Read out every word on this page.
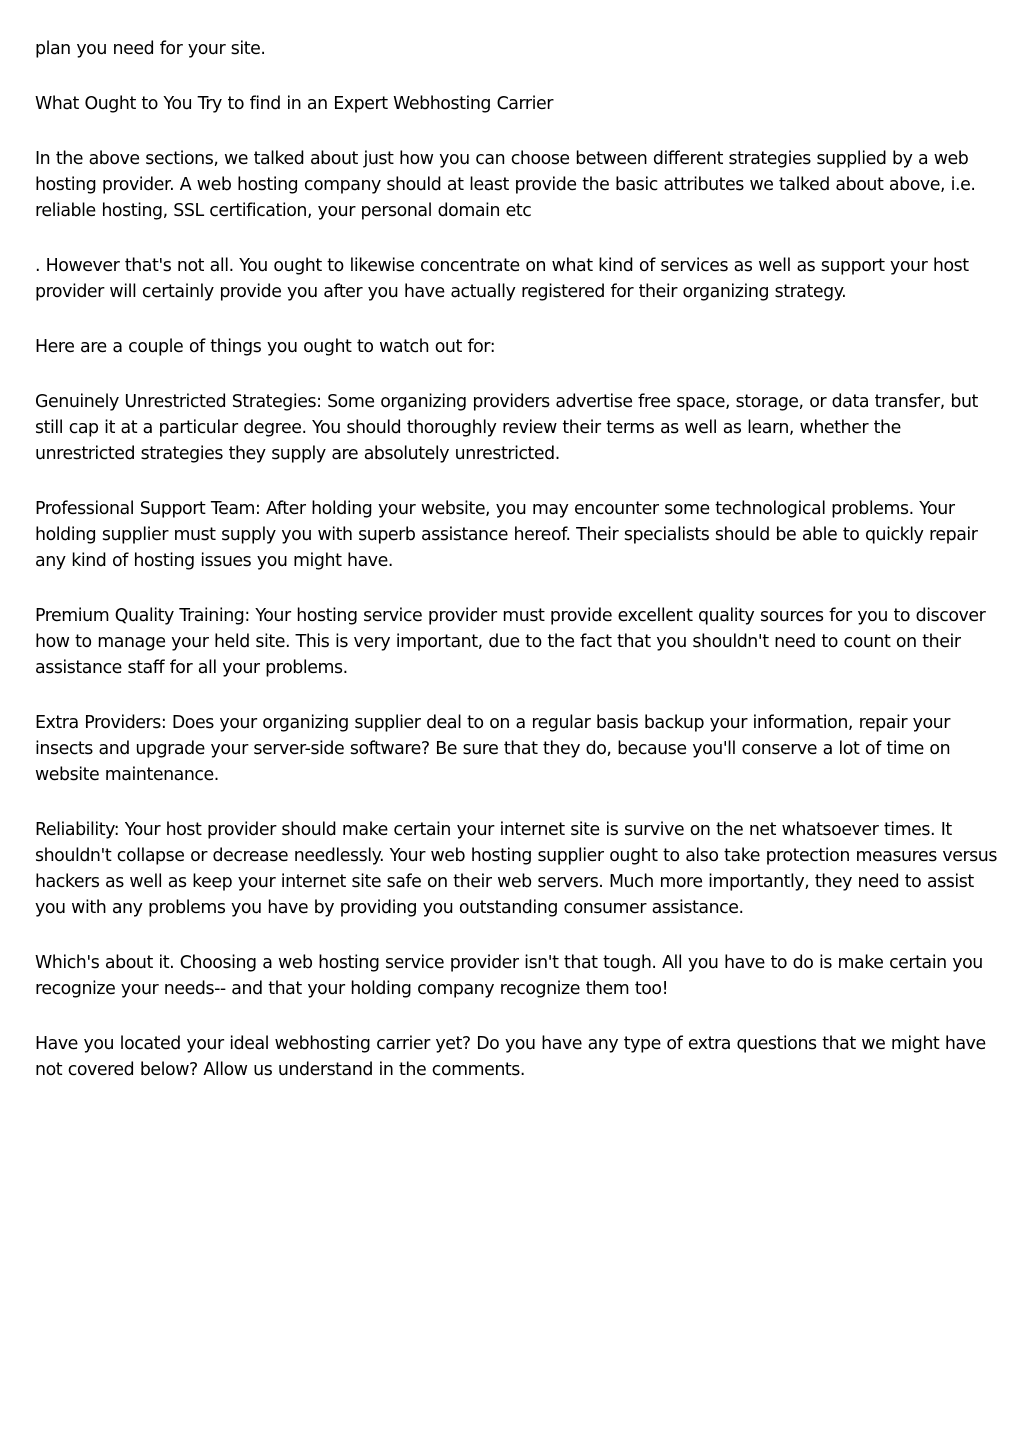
plan you need for your site.

What Ought to You Try to find in an Expert Webhosting Carrier

In the above sections, we talked about just how you can choose between different strategies supplied by a web hosting provider. A web hosting company should at least provide the basic attributes we talked about above, i.e. reliable hosting, SSL certification, your personal domain etc

. However that's not all. You ought to likewise concentrate on what kind of services as well as support your host provider will certainly provide you after you have actually registered for their organizing strategy.

Here are a couple of things you ought to watch out for:

Genuinely Unrestricted Strategies: Some organizing providers advertise free space, storage, or data transfer, but still cap it at a particular degree. You should thoroughly review their terms as well as learn, whether the unrestricted strategies they supply are absolutely unrestricted.

Professional Support Team: After holding your website, you may encounter some technological problems. Your holding supplier must supply you with superb assistance hereof. Their specialists should be able to quickly repair any kind of hosting issues you might have.

Premium Quality Training: Your hosting service provider must provide excellent quality sources for you to discover how to manage your held site. This is very important, due to the fact that you shouldn't need to count on their assistance staff for all your problems.

Extra Providers: Does your organizing supplier deal to on a regular basis backup your information, repair your insects and upgrade your server-side software? Be sure that they do, because you'll conserve a lot of time on website maintenance.

Reliability: Your host provider should make certain your internet site is survive on the net whatsoever times. It shouldn't collapse or decrease needlessly. Your web hosting supplier ought to also take protection measures versus hackers as well as keep your internet site safe on their web servers. Much more importantly, they need to assist you with any problems you have by providing you outstanding consumer assistance.

Which's about it. Choosing a web hosting service provider isn't that tough. All you have to do is make certain you recognize your needs-- and that your holding company recognize them too!

Have you located your ideal webhosting carrier yet? Do you have any type of extra questions that we might have not covered below? Allow us understand in the comments.
